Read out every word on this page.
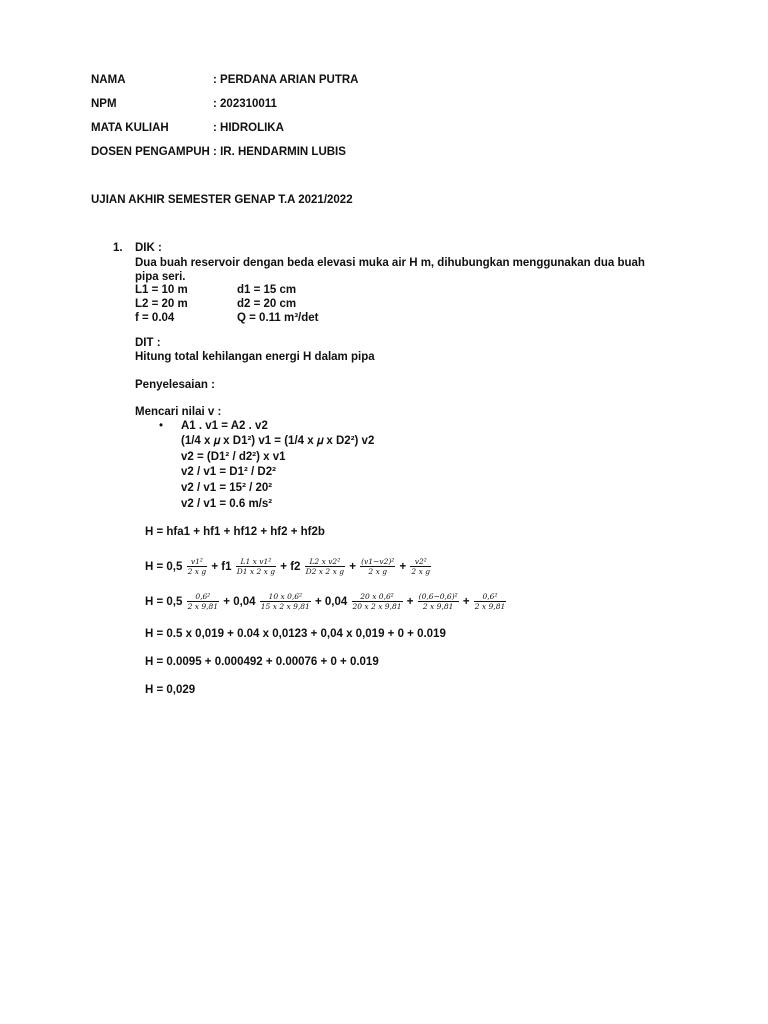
NAMA	: PERDANA ARIAN PUTRA
NPM	: 202310011
MATA KULIAH	: HIDROLIKA
DOSEN PENGAMPUH : IR. HENDARMIN LUBIS
UJIAN AKHIR SEMESTER GENAP T.A 2021/2022
1. DIK :
Dua buah reservoir dengan beda elevasi muka air H m, dihubungkan menggunakan dua buah
pipa seri.
L1 = 10 m	d1 = 15 cm
L2 = 20 m	d2 = 20 cm
f = 0.04	Q = 0.11 m³/det
DIT :
Hitung total kehilangan energi H dalam pipa
Penyelesaian :
Mencari nilai v :
• A1 . v1 = A2 . v2
(1/4 x 𝜇 x D1²) v1 = (1/4 x 𝜇 x D2²) v2
v2 = (D1² / d2²) x v1
v2 / v1 = D1² / D2²
v2 / v1 = 15² / 20²
v2 / v1 = 0.6 m/s²
H = hfa1 + hf1 + hf12 + hf2 + hf2b
$H = 0,5 \frac{\text{v1²}}{\text{2 x g}} + f1 \frac{\text{L1 x v1²}}{\text{D1 x 2 x g}} + f2 \frac{\text{L2 x v2²}}{\text{D2 x 2 x g}} + \frac{\text{(v1−v2)²}}{\text{2 x g}} + \frac{\text{v2²}}{\text{2 x g}}$
$H = 0,5 \frac{\text{0,6²}}{2 x 9,81} + 0,04 \frac{\text{10 x 0,6²}}{15 x 2 x 9,81} + 0,04 \frac{\text{20 x 0,6²}}{20 x 2 x 9,81} + \frac{\text{(0,6−0,6)²}}{2 x 9,81} + \frac{\text{0,6²}}{2 x 9,81}$
H = 0.5 x 0,019 + 0.04 x 0,0123 + 0,04 x 0,019 + 0 + 0.019
H = 0.0095 + 0.000492 + 0.00076 + 0 + 0.019
H = 0,029
